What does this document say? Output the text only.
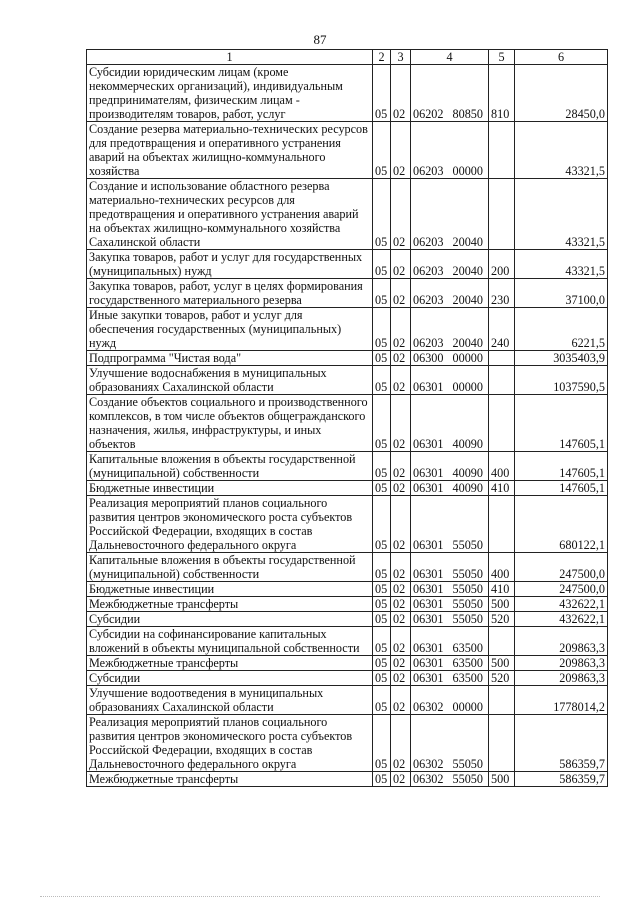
87
1	2	3	4	5	6
Субсидии юридическим лицам (кроме некоммерческих организаций), индивидуальным предпринимателям, физическим лицам - производителям товаров, работ, услуг	05	02	06202 80850	810	28450,0
Создание резерва материально-технических ресурсов для предотвращения и оперативного устранения аварий на объектах жилищно-коммунального хозяйства	05	02	06203 00000		43321,5
Создание и использование областного резерва материально-технических ресурсов для предотвращения и оперативного устранения аварий на объектах жилищно-коммунального хозяйства Сахалинской области	05	02	06203 20040		43321,5
Закупка товаров, работ и услуг для государственных (муниципальных) нужд	05	02	06203 20040	200	43321,5
Закупка товаров, работ, услуг в целях формирования государственного материального резерва	05	02	06203 20040	230	37100,0
Иные закупки товаров, работ и услуг для обеспечения государственных (муниципальных) нужд	05	02	06203 20040	240	6221,5
Подпрограмма "Чистая вода"	05	02	06300 00000		3035403,9
Улучшение водоснабжения в муниципальных образованиях Сахалинской области	05	02	06301 00000		1037590,5
Создание объектов социального и производственного комплексов, в том числе объектов общегражданского назначения, жилья, инфраструктуры, и иных объектов	05	02	06301 40090		147605,1
Капитальные вложения в объекты государственной (муниципальной) собственности	05	02	06301 40090	400	147605,1
Бюджетные инвестиции	05	02	06301 40090	410	147605,1
Реализация мероприятий планов социального развития центров экономического роста субъектов Российской Федерации, входящих в состав Дальневосточного федерального округа	05	02	06301 55050		680122,1
Капитальные вложения в объекты государственной (муниципальной) собственности	05	02	06301 55050	400	247500,0
Бюджетные инвестиции	05	02	06301 55050	410	247500,0
Межбюджетные трансферты	05	02	06301 55050	500	432622,1
Субсидии	05	02	06301 55050	520	432622,1
Субсидии на софинансирование капитальных вложений в объекты муниципальной собственности	05	02	06301 63500		209863,3
Межбюджетные трансферты	05	02	06301 63500	500	209863,3
Субсидии	05	02	06301 63500	520	209863,3
Улучшение водоотведения в муниципальных образованиях Сахалинской области	05	02	06302 00000		1778014,2
Реализация мероприятий планов социального развития центров экономического роста субъектов Российской Федерации, входящих в состав Дальневосточного федерального округа	05	02	06302 55050		586359,7
Межбюджетные трансферты	05	02	06302 55050	500	586359,7
